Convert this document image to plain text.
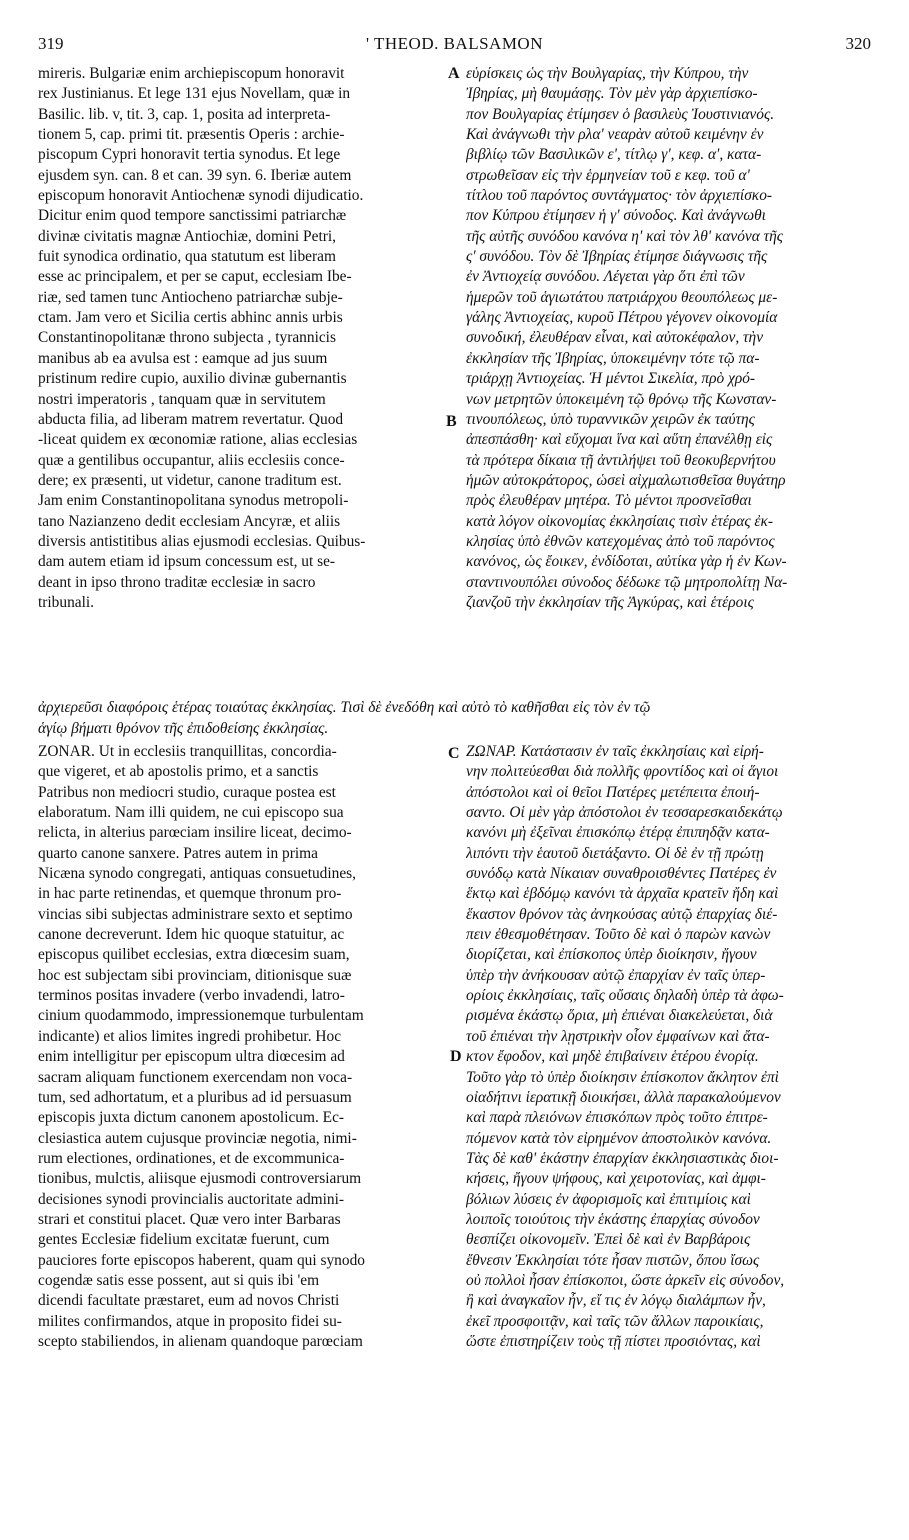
319	' THEOD. BALSAMON	320
A
B
C
D
mireris. Bulgariæ enim archiepiscopum honoravit
rex Justinianus. Et lege 131 ejus Novellam, quæ in
Basilic. lib. v, tit. 3, cap. 1, posita ad interpreta-
tionem 5, cap. primi tit. præsentis Operis : archie-
piscopum Cypri honoravit tertia synodus. Et lege
ejusdem syn. can. 8 et can. 39 syn. 6. Iberiæ autem
episcopum honoravit Antiochenæ synodi dijudicatio.
Dicitur enim quod tempore sanctissimi patriarchæ
divinæ civitatis magnæ Antiochiæ, domini Petri,
fuit synodica ordinatio, qua statutum est liberam
esse ac principalem, et per se caput, ecclesiam Ibe-
riæ, sed tamen tunc Antiocheno patriarchæ subje-
ctam. Jam vero et Sicilia certis abhinc annis urbis
Constantinopolitanæ throno subjecta , tyrannicis
manibus ab ea avulsa est : eamque ad jus suum
pristinum redire cupio, auxilio divinæ gubernantis
nostri imperatoris , tanquam quæ in servitutem
abducta filia, ad liberam matrem revertatur. Quod
-liceat quidem ex œconomiæ ratione, alias ecclesias
quæ a gentilibus occupantur, aliis ecclesiis conce-
dere; ex præsenti, ut videtur, canone traditum est.
Jam enim Constantinopolitana synodus metropoli-
tano Nazianzeno dedit ecclesiam Ancyræ, et aliis
diversis antistitibus alias ejusmodi ecclesias. Quibus-
dam autem etiam id ipsum concessum est, ut se-
deant in ipso throno traditæ ecclesiæ in sacro
tribunali.
εὑρίσκεις ὡς τὴν Βουλγαρίας, τὴν Κύπρου, τὴν
Ἰβηρίας, μὴ θαυμάσῃς. Τὸν μὲν γὰρ ἀρχιεπίσκο-
πον Βουλγαρίας ἐτίμησεν ὁ βασιλεὺς Ἰουστινιανός.
Καὶ ἀνάγνωθι τὴν ρλα' νεαρὰν αὐτοῦ κειμένην ἐν
βιβλίῳ τῶν Βασιλικῶν ε', τίτλῳ γ', κεφ. α', κατα-
στρωθεῖσαν εἰς τὴν ἑρμηνείαν τοῦ ε κεφ. τοῦ α'
τίτλου τοῦ παρόντος συντάγματος· τὸν ἀρχιεπίσκο-
πον Κύπρου ἐτίμησεν ἡ γ' σύνοδος. Καὶ ἀνάγνωθι
τῆς αὐτῆς συνόδου κανόνα η' καὶ τὸν λθ' κανόνα τῆς
ς' συνόδου. Τὸν δὲ Ἰβηρίας ἐτίμησε διάγνωσις τῆς
ἐν Ἀντιοχείᾳ συνόδου. Λέγεται γὰρ ὅτι ἐπὶ τῶν
ἡμερῶν τοῦ ἁγιωτάτου πατριάρχου θεουπόλεως με-
γάλης Ἀντιοχείας, κυροῦ Πέτρου γέγονεν οἰκονομία
συνοδική, ἐλευθέραν εἶναι, καὶ αὐτοκέφαλον, τὴν
ἐκκλησίαν τῆς Ἰβηρίας, ὑποκειμένην τότε τῷ πα-
τριάρχῃ Ἀντιοχείας. Ἡ μέντοι Σικελία, πρὸ χρό-
νων μετρητῶν ὑποκειμένη τῷ θρόνῳ τῆς Κωνσταν-
τινουπόλεως, ὑπὸ τυραννικῶν χειρῶν ἐκ ταύτης
ἀπεσπάσθη· καὶ εὔχομαι ἵνα καὶ αὕτη ἐπανέλθῃ εἰς
τὰ πρότερα δίκαια τῇ ἀντιλήψει τοῦ θεοκυβερνήτου
ἡμῶν αὐτοκράτορος, ὡσεὶ αἰχμαλωτισθεῖσα θυγάτηρ
πρὸς ἐλευθέραν μητέρα. Τὸ μέντοι προσνεῖσθαι
κατὰ λόγον οἰκονομίας ἐκκλησίαις τισὶν ἑτέρας ἐκ-
κλησίας ὑπὸ ἐθνῶν κατεχομένας ἀπὸ τοῦ παρόντος
κανόνος, ὡς ἔοικεν, ἐνδίδοται, αὐτίκα γὰρ ἡ ἐν Κων-
σταντινουπόλει σύνοδος δέδωκε τῷ μητροπολίτῃ Να-
ζιανζοῦ τὴν ἐκκλησίαν τῆς Ἀγκύρας, καὶ ἑτέροις
ἀρχιερεῦσι διαφόροις ἑτέρας τοιαύτας ἐκκλησίας. Τισὶ δὲ ἐνεδόθη καὶ αὐτὸ τὸ καθῆσθαι εἰς τὸν ἐν τῷ
ἁγίῳ βήματι θρόνον τῆς ἐπιδοθείσης ἐκκλησίας.
ZONAR. Ut in ecclesiis tranquillitas, concordia-
que vigeret, et ab apostolis primo, et a sanctis
Patribus non mediocri studio, curaque postea est
elaboratum. Nam illi quidem, ne cui episcopo sua
relicta, in alterius parœciam insilire liceat, decimo-
quarto canone sanxere. Patres autem in prima
Nicæna synodo congregati, antiquas consuetudines,
in hac parte retinendas, et quemque thronum pro-
vincias sibi subjectas administrare sexto et septimo
canone decreverunt. Idem hic quoque statuitur, ac
episcopus quilibet ecclesias, extra diœcesim suam,
hoc est subjectam sibi provinciam, ditionisque suæ
terminos positas invadere (verbo invadendi, latro-
cinium quodammodo, impressionemque turbulentam
indicante) et alios limites ingredi prohibetur. Hoc
enim intelligitur per episcopum ultra diœcesim ad
sacram aliquam functionem exercendam non voca-
tum, sed adhortatum, et a pluribus ad id persuasum
episcopis juxta dictum canonem apostolicum. Ec-
clesiastica autem cujusque provinciæ negotia, nimi-
rum electiones, ordinationes, et de excommunica-
tionibus, mulctis, aliisque ejusmodi controversiarum
decisiones synodi provincialis auctoritate admini-
strari et constitui placet. Quæ vero inter Barbaras
gentes Ecclesiæ fidelium excitatæ fuerunt, cum
pauciores forte episcopos haberent, quam qui synodo
cogendæ satis esse possent, aut si quis ibi 'em
dicendi facultate præstaret, eum ad novos Christi
milites confirmandos, atque in proposito fidei su-
scepto stabiliendos, in alienam quandoque parœciam
ΖΩΝΑΡ. Κατάστασιν ἐν ταῖς ἐκκλησίαις καὶ εἰρή-
νην πολιτεύεσθαι διὰ πολλῆς φροντίδος καὶ οἱ ἅγιοι
ἀπόστολοι καὶ οἱ θεῖοι Πατέρες μετέπειτα ἐποιή-
σαντο. Οἱ μὲν γὰρ ἀπόστολοι ἐν τεσσαρεσκαιδεκάτῳ
κανόνι μὴ ἐξεῖναι ἐπισκόπῳ ἑτέρᾳ ἐπιπηδᾷν κατα-
λιπόντι τὴν ἑαυτοῦ διετάξαντο. Οἱ δὲ ἐν τῇ πρώτῃ
συνόδῳ κατὰ Νίκαιαν συναθροισθέντες Πατέρες ἐν
ἕκτῳ καὶ ἑβδόμῳ κανόνι τὰ ἀρχαῖα κρατεῖν ἤδη καὶ
ἕκαστον θρόνον τὰς ἀνηκούσας αὐτῷ ἐπαρχίας διέ-
πειν ἐθεσμοθέτησαν. Τοῦτο δὲ καὶ ὁ παρὼν κανὼν
διορίζεται, καὶ ἐπίσκοπος ὑπὲρ διοίκησιν, ἤγουν
ὑπὲρ τὴν ἀνήκουσαν αὐτῷ ἐπαρχίαν ἐν ταῖς ὑπερ-
ορίοις ἐκκλησίαις, ταῖς οὔσαις δηλαδὴ ὑπὲρ τὰ ἀφω-
ρισμένα ἑκάστῳ ὅρια, μὴ ἐπιέναι διακελεύεται, διὰ
τοῦ ἐπιέναι τὴν λῃστρικὴν οἷον ἐμφαίνων καὶ ἄτα-
κτον ἔφοδον, καὶ μηδὲ ἐπιβαίνειν ἑτέρου ἐνορίᾳ.
Τοῦτο γὰρ τὸ ὑπὲρ διοίκησιν ἐπίσκοπον ἄκλητον ἐπὶ
οἰαδήτινι ἱερατικῇ διοικήσει, ἀλλὰ παρακαλούμενον
καὶ παρὰ πλειόνων ἐπισκόπων πρὸς τοῦτο ἐπιτρε-
πόμενον κατὰ τὸν εἰρημένον ἀποστολικὸν κανόνα.
Τὰς δὲ καθ' ἑκάστην ἐπαρχίαν ἐκκλησιαστικὰς διοι-
κήσεις, ἤγουν ψήφους, καὶ χειροτονίας, καὶ ἀμφι-
βόλιων λύσεις ἐν ἀφορισμοῖς καὶ ἐπιτιμίοις καὶ
λοιποῖς τοιούτοις τὴν ἑκάστης ἐπαρχίας σύνοδον
θεσπίζει οἰκονομεῖν. Ἐπεὶ δὲ καὶ ἐν Βαρβάροις
ἔθνεσιν Ἐκκλησίαι τότε ἦσαν πιστῶν, ὅπου ἴσως
οὐ πολλοὶ ἦσαν ἐπίσκοποι, ὥστε ἀρκεῖν εἰς σύνοδον,
ἢ καὶ ἀναγκαῖον ἦν, εἴ τις ἐν λόγῳ διαλάμπων ἦν,
ἐκεῖ προσφοιτᾷν, καὶ ταῖς τῶν ἄλλων παροικίαις,
ὥστε ἐπιστηρίζειν τοὺς τῇ πίστει προσιόντας, καὶ
